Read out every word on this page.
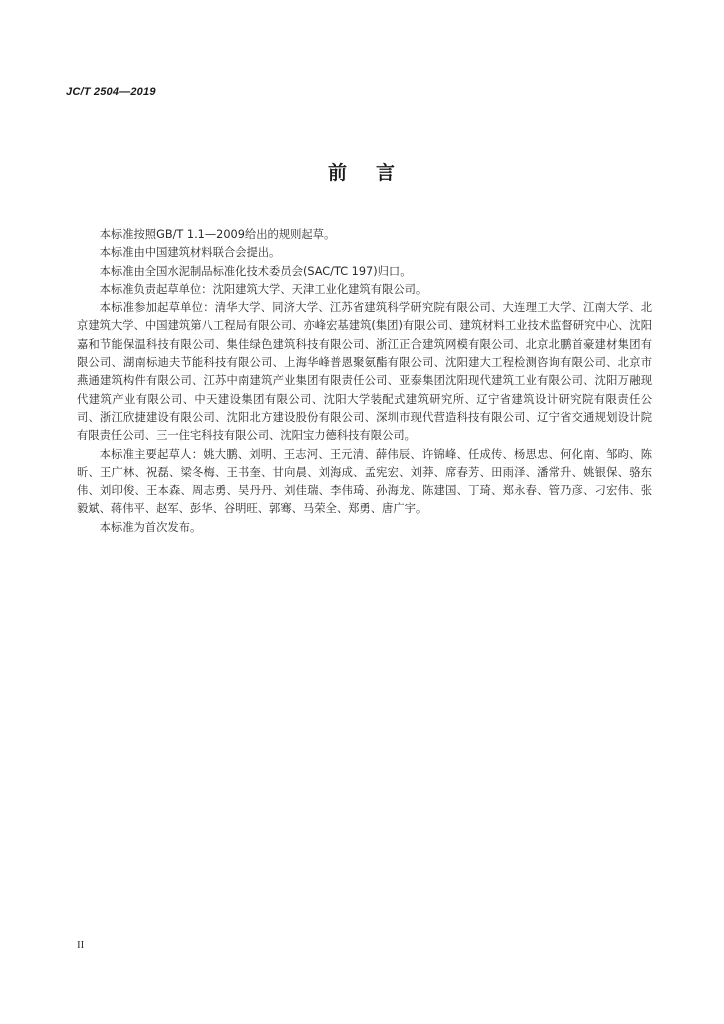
JC/T 2504—2019
前 言

本标准按照GB/T 1.1—2009给出的规则起草。

本标准由中国建筑材料联合会提出。

本标准由全国水泥制品标准化技术委员会(SAC/TC 197)归口。

本标准负责起草单位：沈阳建筑大学、天津工业化建筑有限公司。

本标准参加起草单位：清华大学、同济大学、江苏省建筑科学研究院有限公司、大连理工大学、江南大学、北京建筑大学、中国建筑第八工程局有限公司、亦峰宏基建筑(集团)有限公司、建筑材料工业技术监督研究中心、沈阳嘉和节能保温科技有限公司、集佳绿色建筑科技有限公司、浙江正合建筑网模有限公司、北京北鹏首豪建材集团有限公司、湖南标迪夫节能科技有限公司、上海华峰普恩聚氨酯有限公司、沈阳建大工程检测咨询有限公司、北京市燕通建筑构件有限公司、江苏中南建筑产业集团有限责任公司、亚泰集团沈阳现代建筑工业有限公司、沈阳万融现代建筑产业有限公司、中天建设集团有限公司、沈阳大学装配式建筑研究所、辽宁省建筑设计研究院有限责任公司、浙江欣捷建设有限公司、沈阳北方建设股份有限公司、深圳市现代营造科技有限公司、辽宁省交通规划设计院有限责任公司、三一住宅科技有限公司、沈阳宝力德科技有限公司。

本标准主要起草人：姚大鹏、刘明、王志河、王元清、薛伟辰、许锦峰、任成传、杨思忠、何化南、邹昀、陈昕、王广林、祝磊、梁冬梅、王书奎、甘向晨、刘海成、孟宪宏、刘莽、席春芳、田雨泽、潘常升、姚银保、骆东伟、刘印俊、王本森、周志勇、吴丹丹、刘佳瑞、李伟琦、孙海龙、陈建国、丁琦、郑永春、管乃彦、刁宏伟、张毅斌、蒋伟平、赵军、彭华、谷明旺、郭骞、马荣全、郑勇、唐广宇。

本标准为首次发布。

II
